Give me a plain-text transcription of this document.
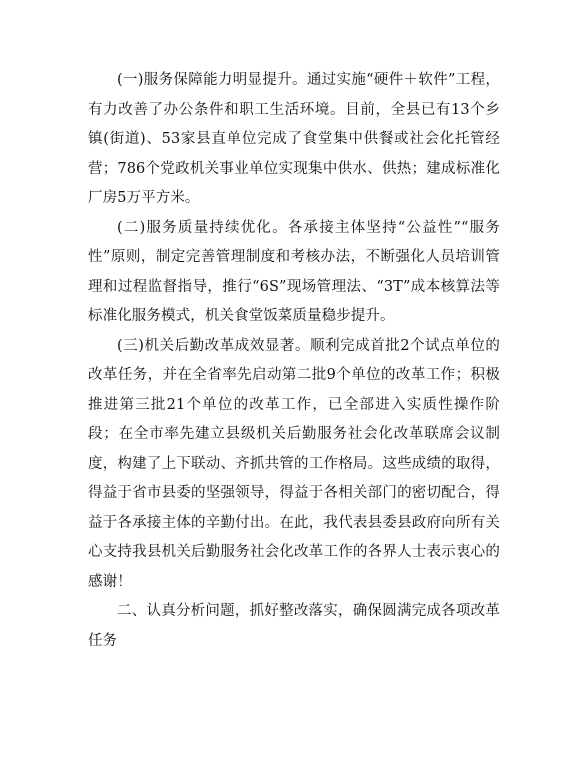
(一)服务保障能力明显提升。通过实施“硬件＋软件”工程，有力改善了办公条件和职工生活环境。目前，全县已有13个乡镇(街道)、53家县直单位完成了食堂集中供餐或社会化托管经营；786个党政机关事业单位实现集中供水、供热；建成标准化厂房5万平方米。

(二)服务质量持续优化。各承接主体坚持“公益性”“服务性”原则，制定完善管理制度和考核办法，不断强化人员培训管理和过程监督指导，推行“6S”现场管理法、“3T”成本核算法等标准化服务模式，机关食堂饭菜质量稳步提升。

(三)机关后勤改革成效显著。顺利完成首批2个试点单位的改革任务，并在全省率先启动第二批9个单位的改革工作；积极推进第三批21个单位的改革工作，已全部进入实质性操作阶段；在全市率先建立县级机关后勤服务社会化改革联席会议制度，构建了上下联动、齐抓共管的工作格局。这些成绩的取得，得益于省市县委的坚强领导，得益于各相关部门的密切配合，得益于各承接主体的辛勤付出。在此，我代表县委县政府向所有关心支持我县机关后勤服务社会化改革工作的各界人士表示衷心的感谢！

二、认真分析问题，抓好整改落实，确保圆满完成各项改革任务
